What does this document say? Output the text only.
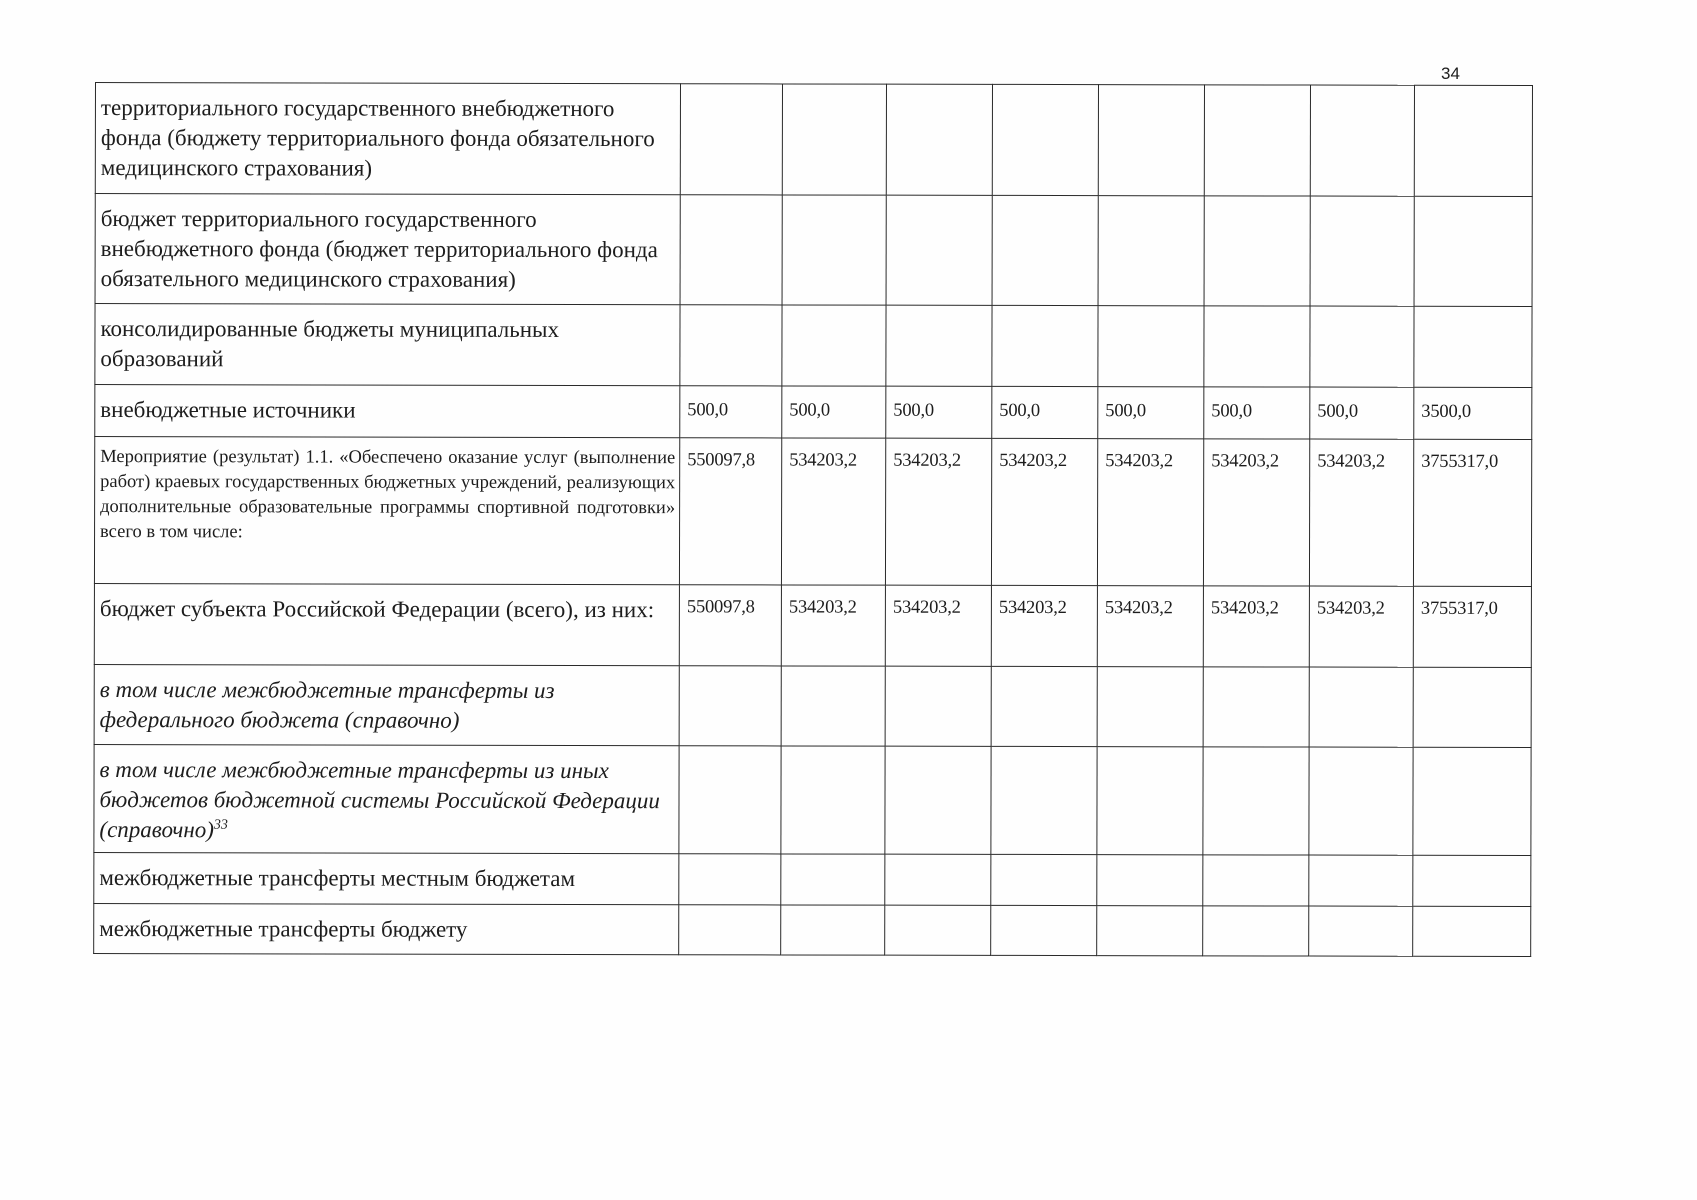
34
территориального государственного внебюджетного фонда (бюджету территориального фонда обязательного медицинского страхования)								
бюджет территориального государственного внебюджетного фонда (бюджет территориального фонда обязательного медицинского страхования)								
консолидированные бюджеты муниципальных образований								
внебюджетные источники	500,0	500,0	500,0	500,0	500,0	500,0	500,0	3500,0
Мероприятие (результат) 1.1. «Обеспечено оказание услуг (выполнение работ) краевых государственных бюджетных учреждений, реализующих дополнительные образовательные программы спортивной подготовки» всего в том числе:	550097,8	534203,2	534203,2	534203,2	534203,2	534203,2	534203,2	3755317,0
бюджет субъекта Российской Федерации (всего), из них:	550097,8	534203,2	534203,2	534203,2	534203,2	534203,2	534203,2	3755317,0
в том числе межбюджетные трансферты из федерального бюджета (справочно)								
в том числе межбюджетные трансферты из иных бюджетов бюджетной системы Российской Федерации (справочно)$^{33}$								
межбюджетные трансферты местным бюджетам								
межбюджетные трансферты бюджету								
